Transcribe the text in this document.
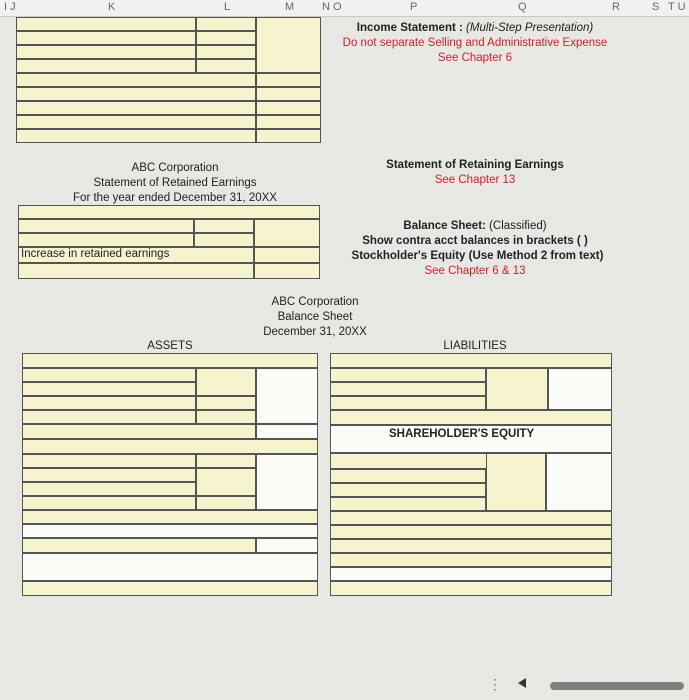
I J	K	L	M	N O	P	Q	R	S T U
Income Statement : (Multi-Step Presentation)
Do not separate Selling and Administrative Expense
See Chapter 6
ABC Corporation
Statement of Retained Earnings
For the year ended December 31, 20XX
Statement of Retaining Earnings
See Chapter 13
Increase in retained earnings
Balance Sheet: (Classified)
Show contra acct balances in brackets ( )
Stockholder's Equity (Use Method 2 from text)
See Chapter 6 & 13
ABC Corporation
Balance Sheet
December 31, 20XX
ASSETS	LIABILITIES
SHAREHOLDER'S EQUITY
⋮
